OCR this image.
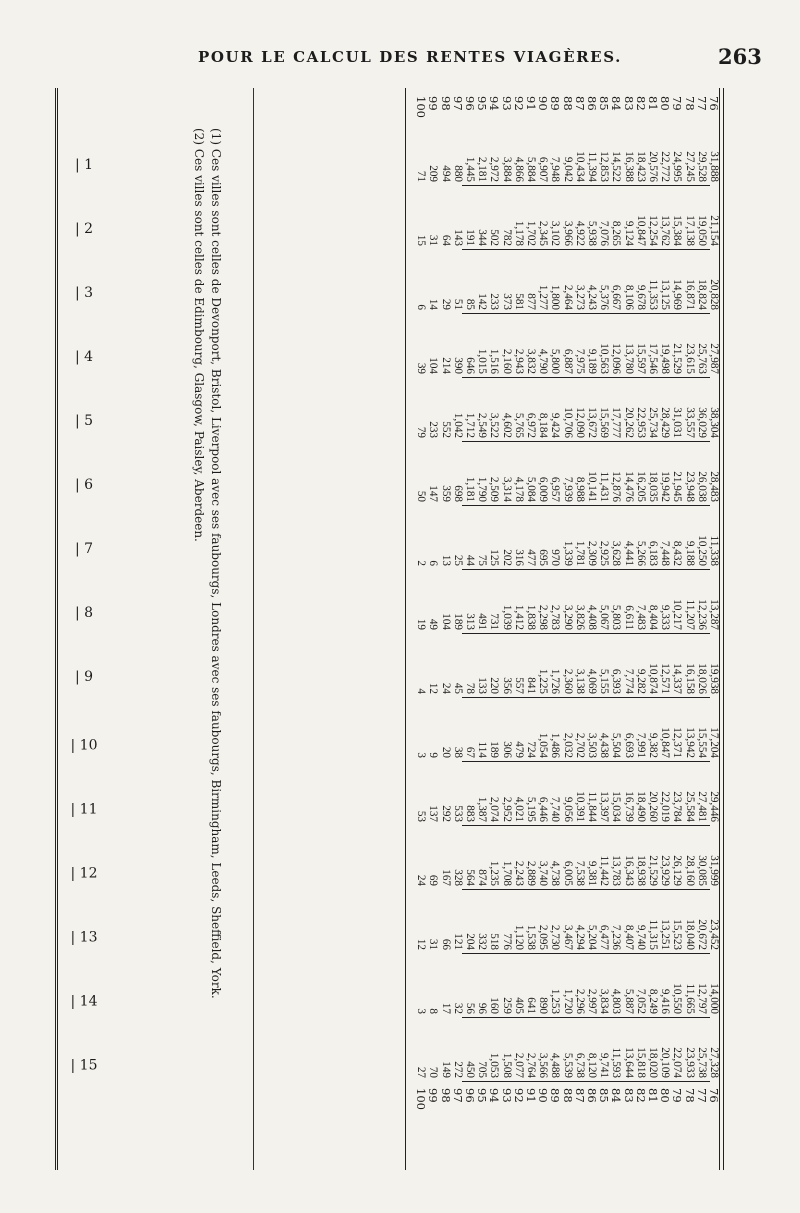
POUR LE CALCUL DES RENTES VIAGÈRES.	263
(1) Ces villes sont celles de Devonport, Bristol, Liverpool avec ses faubourgs, Londres avec ses faubourgs, Birmingham, Leeds, Sheffield, York.
(2) Ces villes sont celles de Edimbourg, Glasgow, Paisley, Aberdeen.
76
77
78
79
80
81
82
83
84
85
86
87
88
89
90
91
92
93
94
95
96
97
98
99
100
31,888
29,528
27,245
24,995
22,772
20,576
18,423
16,388
14,522
12,853
11,394
10,434
9,042
7,948
6,907
5,884
4,866
3,884
2,972
2,181
1,445
880
494
209
71
| 1
21,154
19,050
17,138
15,384
13,762
12,254
10,847
9,124
8,265
7,076
5,938
4,922
3,966
3,102
2,345
1,702
1,178
782
502
344
191
143
64
31
15
| 2
20,828
18,824
16,871
14,969
13,125
11,353
9,678
8,106
6,667
5,376
4,243
3,273
2,464
1,800
1,277
877
581
373
233
142
85
51
29
14
6
| 3
27,987
25,763
23,615
21,529
19,498
17,546
15,597
13,780
12,096
10,563
9,189
7,975
6,887
5,800
4,790
3,832
2,943
2,160
1,516
1,015
646
390
214
104
39
| 4
38,304
36,029
33,557
31,031
28,429
25,734
22,953
20,262
17,777
15,569
13,672
12,090
10,706
9,424
8,184
6,972
5,765
4,602
3,522
2,549
1,712
1,042
552
233
79
| 5
28,483
26,038
23,948
21,945
19,942
18,035
16,205
14,476
12,876
11,431
10,141
8,988
7,939
6,957
6,009
5,084
4,178
3,314
2,509
1,790
1,181
698
359
147
50
| 6
11,338
10,250
9,188
8,432
7,448
6,183
5,266
4,441
3,628
2,925
2,309
1,781
1,339
970
695
477
316
202
125
75
44
25
13
6
2
| 7
13,287
12,236
11,207
10,217
9,333
8,404
7,483
6,611
5,803
5,067
4,408
3,826
3,290
2,783
2,298
1,838
1,412
1,039
731
491
313
189
104
49
19
| 8
19,938
18,026
16,158
14,337
12,571
10,874
9,282
7,774
6,393
5,155
4,069
3,138
2,360
1,726
1,225
841
557
356
220
133
78
45
24
12
4
| 9
17,204
15,554
13,942
12,371
10,847
9,382
7,991
6,693
5,504
4,438
3,503
2,702
2,032
1,486
1,054
724
479
306
189
114
67
38
20
9
3
| 10
29,446
27,481
25,584
23,784
22,019
20,260
18,490
16,739
15,034
13,397
11,844
10,391
9,056
7,740
6,446
5,195
4,021
2,952
2,074
1,387
883
533
292
137
53
| 11
31,999
30,085
28,160
26,129
23,929
21,529
18,938
16,343
13,783
11,442
9,381
7,538
6,005
4,738
3,740
2,889
2,243
1,708
1,235
874
564
328
167
69
24
| 12
23,452
20,672
18,040
15,523
13,251
11,315
9,740
8,407
7,236
6,477
5,204
4,294
3,467
2,730
2,095
1,538
1,120
776
518
332
204
121
66
31
12
| 13
14,000
12,797
11,665
10,550
9,416
8,249
7,052
5,887
4,803
3,834
2,997
2,296
1,720
1,253
890
641
405
259
160
96
56
32
17
8
3
| 14
27,328
25,738
23,933
22,074
20,109
18,020
15,818
13,644
11,593
9,741
8,120
6,738
5,539
4,488
3,566
2,764
2,077
1,508
1,053
705
450
272
149
70
27
| 15
76
77
78
79
80
81
82
83
84
85
86
87
88
89
90
91
92
93
94
95
96
97
98
99
100
